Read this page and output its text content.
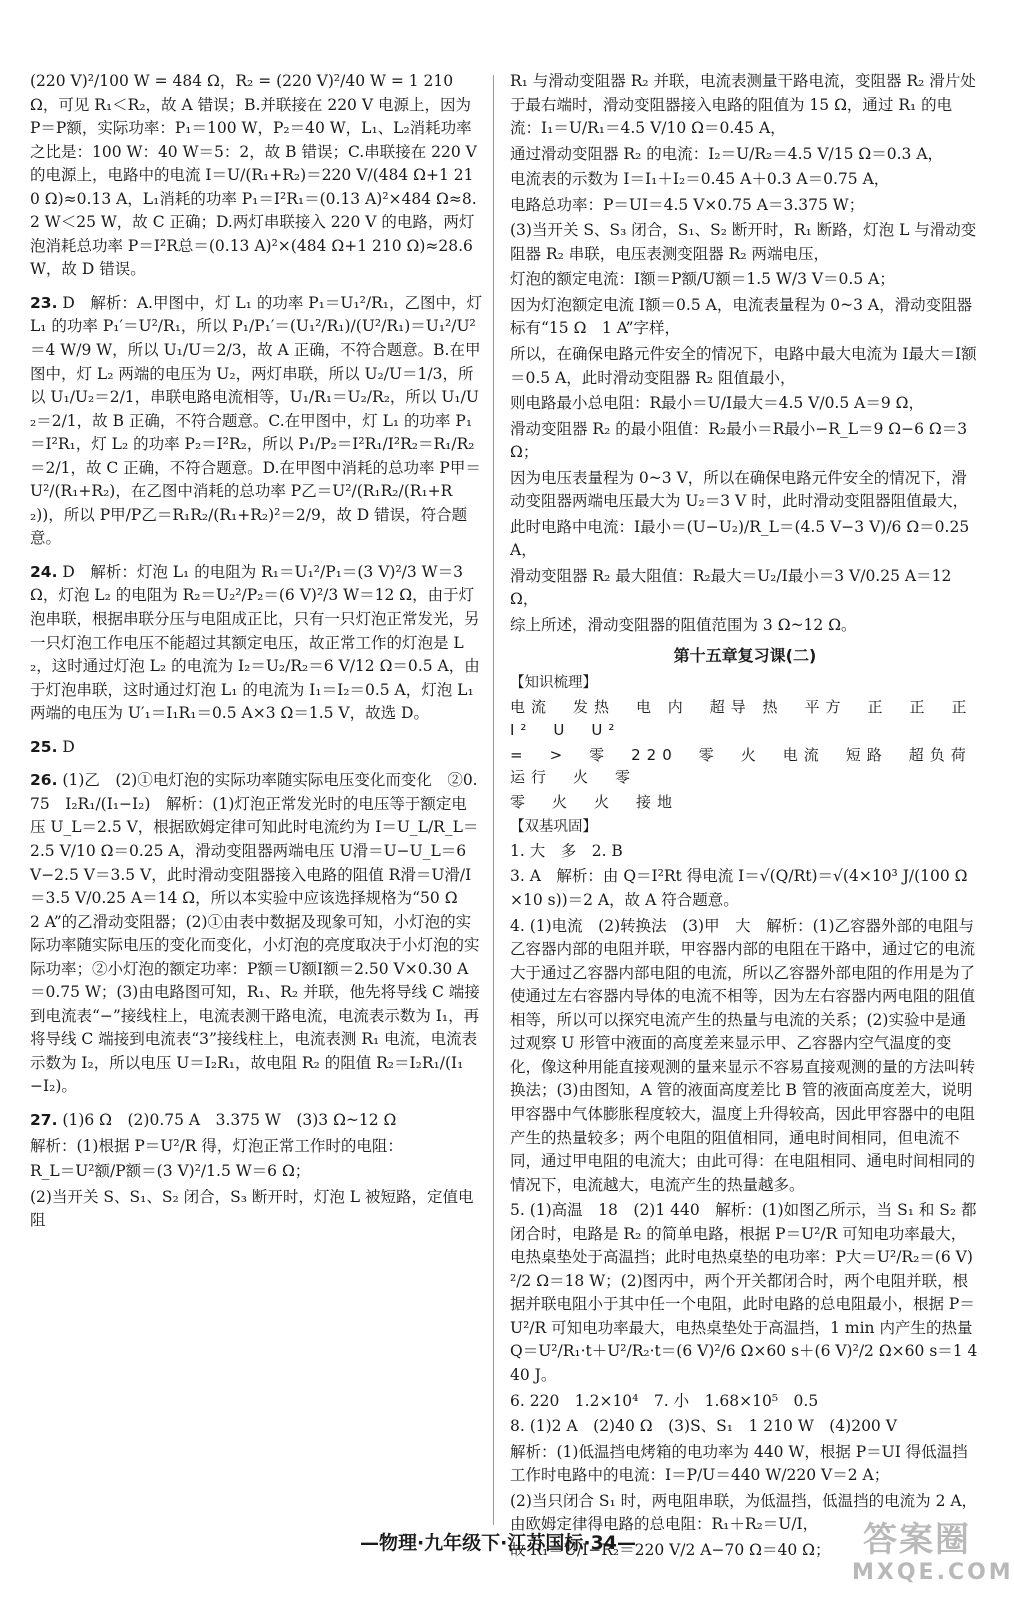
(220 V)²/100 W = 484 Ω，R₂ = (220 V)²/40 W = 1 210 Ω，可见 R₁＜R₂，故 A 错误；B.并联接在 220 V 电源上，因为 P＝P额，实际功率：P₁＝100 W，P₂＝40 W，L₁、L₂消耗功率之比是：100 W：40 W＝5：2，故 B 错误；C.串联接在 220 V 的电源上，电路中的电流 I＝U/(R₁+R₂)＝220 V/(484 Ω+1 210 Ω)≈0.13 A，L₁消耗的功率 P₁＝I²R₁＝(0.13 A)²×484 Ω≈8.2 W＜25 W，故 C 正确；D.两灯串联接入 220 V 的电路，两灯泡消耗总功率 P＝I²R总＝(0.13 A)²×(484 Ω+1 210 Ω)≈28.6 W，故 D 错误。

23. D　解析：A.甲图中，灯 L₁ 的功率 P₁＝U₁²/R₁，乙图中，灯 L₁ 的功率 P₁′＝U²/R₁，所以 P₁/P₁′＝(U₁²/R₁)/(U²/R₁)＝U₁²/U²＝4 W/9 W，所以 U₁/U＝2/3，故 A 正确，不符合题意。B.在甲图中，灯 L₂ 两端的电压为 U₂，两灯串联，所以 U₂/U＝1/3，所以 U₁/U₂＝2/1，串联电路电流相等，U₁/R₁＝U₂/R₂，所以 U₁/U₂＝2/1，故 B 正确，不符合题意。C.在甲图中，灯 L₁ 的功率 P₁＝I²R₁，灯 L₂ 的功率 P₂＝I²R₂，所以 P₁/P₂＝I²R₁/I²R₂＝R₁/R₂＝2/1，故 C 正确，不符合题意。D.在甲图中消耗的总功率 P甲＝U²/(R₁+R₂)，在乙图中消耗的总功率 P乙＝U²/(R₁R₂/(R₁+R₂))，所以 P甲/P乙＝R₁R₂/(R₁+R₂)²＝2/9，故 D 错误，符合题意。

24. D　解析：灯泡 L₁ 的电阻为 R₁＝U₁²/P₁＝(3 V)²/3 W＝3 Ω，灯泡 L₂ 的电阻为 R₂＝U₂²/P₂＝(6 V)²/3 W＝12 Ω，由于灯泡串联，根据串联分压与电阻成正比，只有一只灯泡正常发光，另一只灯泡工作电压不能超过其额定电压，故正常工作的灯泡是 L₂，这时通过灯泡 L₂ 的电流为 I₂＝U₂/R₂＝6 V/12 Ω＝0.5 A，由于灯泡串联，这时通过灯泡 L₁ 的电流为 I₁＝I₂＝0.5 A，灯泡 L₁ 两端的电压为 U′₁＝I₁R₁＝0.5 A×3 Ω＝1.5 V，故选 D。

25. D

26. (1)乙　(2)①电灯泡的实际功率随实际电压变化而变化　②0.75　I₂R₁/(I₁−I₂)　解析：(1)灯泡正常发光时的电压等于额定电压 U_L＝2.5 V，根据欧姆定律可知此时电流约为 I＝U_L/R_L＝2.5 V/10 Ω＝0.25 A，滑动变阻器两端电压 U滑＝U−U_L＝6 V−2.5 V＝3.5 V，此时滑动变阻器接入电路的阻值 R滑＝U滑/I＝3.5 V/0.25 A＝14 Ω，所以本实验中应该选择规格为“50 Ω　2 A”的乙滑动变阻器；(2)①由表中数据及现象可知，小灯泡的实际功率随实际电压的变化而变化，小灯泡的亮度取决于小灯泡的实际功率；②小灯泡的额定功率：P额＝U额I额＝2.50 V×0.30 A＝0.75 W；(3)由电路图可知，R₁、R₂ 并联，他先将导线 C 端接到电流表“−”接线柱上，电流表测干路电流，电流表示数为 I₁，再将导线 C 端接到电流表“3”接线柱上，电流表测 R₁ 电流，电流表示数为 I₂，所以电压 U＝I₂R₁，故电阻 R₂ 的阻值 R₂＝I₂R₁/(I₁−I₂)。

27. (1)6 Ω　(2)0.75 A　3.375 W　(3)3 Ω~12 Ω

解析：(1)根据 P＝U²/R 得，灯泡正常工作时的电阻：

R_L＝U²额/P额＝(3 V)²/1.5 W＝6 Ω；

(2)当开关 S、S₁、S₂ 闭合，S₃ 断开时，灯泡 L 被短路，定值电阻

R₁ 与滑动变阻器 R₂ 并联，电流表测量干路电流，变阻器 R₂ 滑片处于最右端时，滑动变阻器接入电路的阻值为 15 Ω，通过 R₁ 的电流：I₁＝U/R₁＝4.5 V/10 Ω＝0.45 A，

通过滑动变阻器 R₂ 的电流：I₂＝U/R₂＝4.5 V/15 Ω＝0.3 A，

电流表的示数为 I＝I₁＋I₂＝0.45 A＋0.3 A＝0.75 A，

电路总功率：P＝UI＝4.5 V×0.75 A＝3.375 W；

(3)当开关 S、S₃ 闭合，S₁、S₂ 断开时，R₁ 断路，灯泡 L 与滑动变阻器 R₂ 串联，电压表测变阻器 R₂ 两端电压，

灯泡的额定电流：I额＝P额/U额＝1.5 W/3 V＝0.5 A；

因为灯泡额定电流 I额＝0.5 A，电流表量程为 0~3 A，滑动变阻器标有“15 Ω　1 A”字样，

所以，在确保电路元件安全的情况下，电路中最大电流为 I最大＝I额＝0.5 A，此时滑动变阻器 R₂ 阻值最小，

则电路最小总电阻：R最小＝U/I最大＝4.5 V/0.5 A＝9 Ω，

滑动变阻器 R₂ 的最小阻值：R₂最小＝R最小−R_L＝9 Ω−6 Ω＝3 Ω；

因为电压表量程为 0~3 V，所以在确保电路元件安全的情况下，滑动变阻器两端电压最大为 U₂＝3 V 时，此时滑动变阻器阻值最大，

此时电路中电流：I最小＝(U−U₂)/R_L＝(4.5 V−3 V)/6 Ω＝0.25 A，

滑动变阻器 R₂ 最大阻值：R₂最大＝U₂/I最小＝3 V/0.25 A＝12 Ω，

综上所述，滑动变阻器的阻值范围为 3 Ω~12 Ω。

第十五章复习课(二)

【知识梳理】

电流　发热　电 内　超导 热　平方　正　正　正　I²　U　U²

=　>　零　220　零　火　电流　短路　超负荷运行　火　零

零　火　火　接地

【双基巩固】

1. 大　多　2. B

3. A　解析：由 Q＝I²Rt 得电流 I＝√(Q/Rt)＝√(4×10³ J/(100 Ω×10 s))＝2 A，故 A 符合题意。

4. (1)电流　(2)转换法　(3)甲　大　解析：(1)乙容器外部的电阻与乙容器内部的电阻并联，甲容器内部的电阻在干路中，通过它的电流大于通过乙容器内部电阻的电流，所以乙容器外部电阻的作用是为了使通过左右容器内导体的电流不相等，因为左右容器内两电阻的阻值相等，所以可以探究电流产生的热量与电流的关系；(2)实验中是通过观察 U 形管中液面的高度差来显示甲、乙容器内空气温度的变化，像这种用能直接观测的量来显示不容易直接观测的量的方法叫转换法；(3)由图知，A 管的液面高度差比 B 管的液面高度差大，说明甲容器中气体膨胀程度较大，温度上升得较高，因此甲容器中的电阻产生的热量较多；两个电阻的阻值相同，通电时间相同，但电流不同，通过甲电阻的电流大；由此可得：在电阻相同、通电时间相同的情况下，电流越大，电流产生的热量越多。

5. (1)高温　18　(2)1 440　解析：(1)如图乙所示，当 S₁ 和 S₂ 都闭合时，电路是 R₂ 的简单电路，根据 P＝U²/R 可知电功率最大，电热桌垫处于高温挡；此时电热桌垫的电功率：P大＝U²/R₂＝(6 V)²/2 Ω＝18 W；(2)图丙中，两个开关都闭合时，两个电阻并联，根据并联电阻小于其中任一个电阻，此时电路的总电阻最小，根据 P＝U²/R 可知电功率最大，电热桌垫处于高温挡，1 min 内产生的热量 Q＝U²/R₁·t＋U²/R₂·t＝(6 V)²/6 Ω×60 s＋(6 V)²/2 Ω×60 s＝1 440 J。

6. 220　1.2×10⁴　7. 小　1.68×10⁵　0.5

8. (1)2 A　(2)40 Ω　(3)S、S₁　1 210 W　(4)200 V

解析：(1)低温挡电烤箱的电功率为 440 W，根据 P＝UI 得低温挡工作时电路中的电流：I＝P/U＝440 W/220 V＝2 A；

(2)当只闭合 S₁ 时，两电阻串联，为低温挡，低温挡的电流为 2 A，由欧姆定律得电路的总电阻：R₁＋R₂＝U/I，

故 R₁＝U/I−R₂＝220 V/2 A−70 Ω＝40 Ω；

—物理·九年级下·江苏国标·34—	答案圈
MXQE.COM
